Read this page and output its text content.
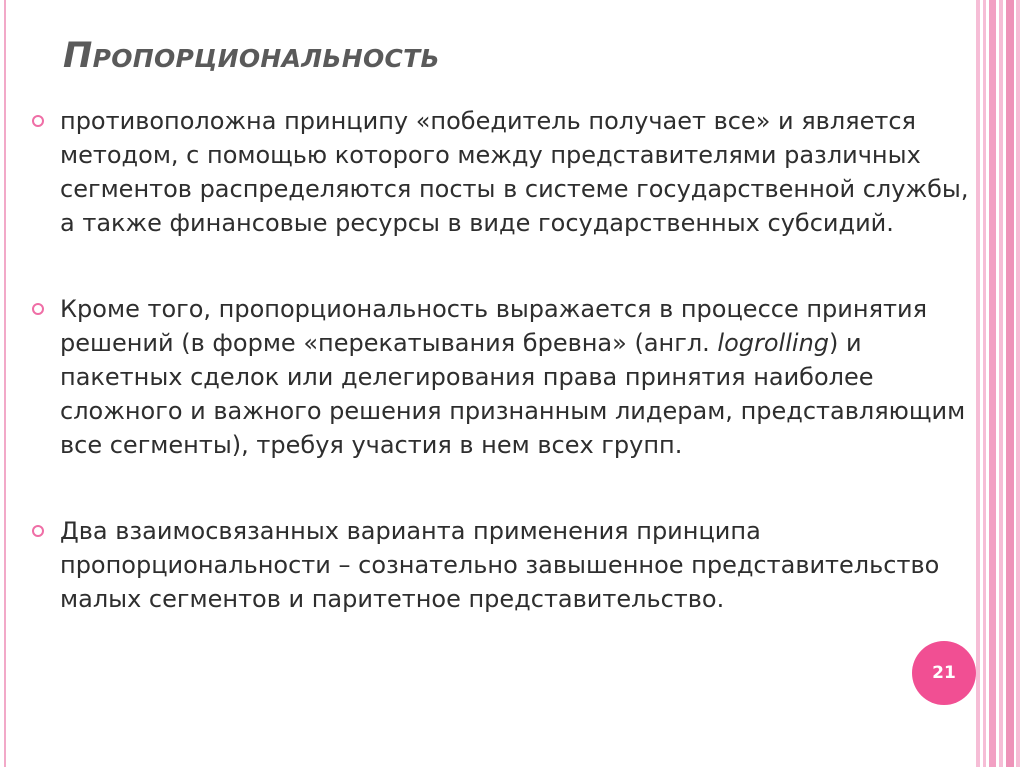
Пропорциональность
противоположна принципу «победитель получает все» и является методом, с помощью которого между представителями различных сегментов распределяются посты в системе государственной службы, а также финансовые ресурсы в виде государственных субсидий.
Кроме того, пропорциональность выражается в процессе принятия решений (в форме «перекатывания бревна» (англ. logrolling) и пакетных сделок или делегирования права принятия наиболее сложного и важного решения признанным лидерам, представляющим все сегменты), требуя участия в нем всех групп.
Два взаимосвязанных варианта применения принципа пропорциональности – сознательно завышенное представительство малых сегментов и паритетное представительство.
21
